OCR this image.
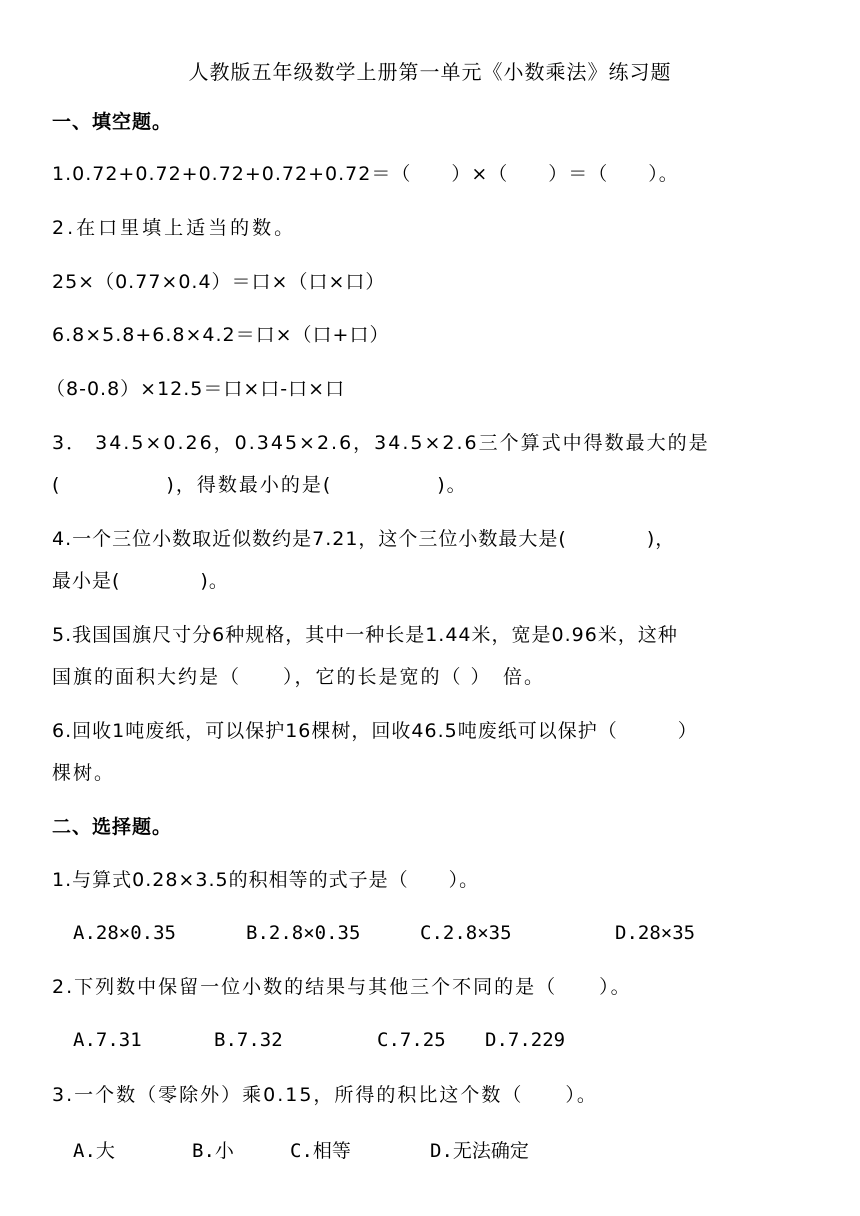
人教版五年级数学上册第一单元《小数乘法》练习题
一、填空题。
1.0.72+0.72+0.72+0.72+0.72＝（　　）×（　　）＝（　　）。
2.在口里填上适当的数。
25×（0.77×0.4）＝口×（口×口）
6.8×5.8+6.8×4.2＝口×（口+口）
（8-0.8）×12.5＝口×口-口×口
3． 34.5×0.26，0.345×2.6，34.5×2.6三个算式中得数最大的是
(　　　　　)，得数最小的是(　　　　　)。
4.一个三位小数取近似数约是7.21，这个三位小数最大是(　　　　)，
最小是(　　　　)。
5.我国国旗尺寸分6种规格，其中一种长是1.44米，宽是0.96米，这种
国旗的面积大约是（　　），它的长是宽的（ ）　倍。
6.回收1吨废纸，可以保护16棵树，回收46.5吨废纸可以保护（　　　）
棵树。
二、选择题。
1.与算式0.28×3.5的积相等的式子是（　　）。
A.28×0.35	B.2.8×0.35	C.2.8×35	D.28×35
2.下列数中保留一位小数的结果与其他三个不同的是（　　）。
A.7.31	B.7.32	C.7.25 D.7.229
3.一个数（零除外）乘0.15，所得的积比这个数（　　）。
A.大	B.小	C.相等	D.无法确定
